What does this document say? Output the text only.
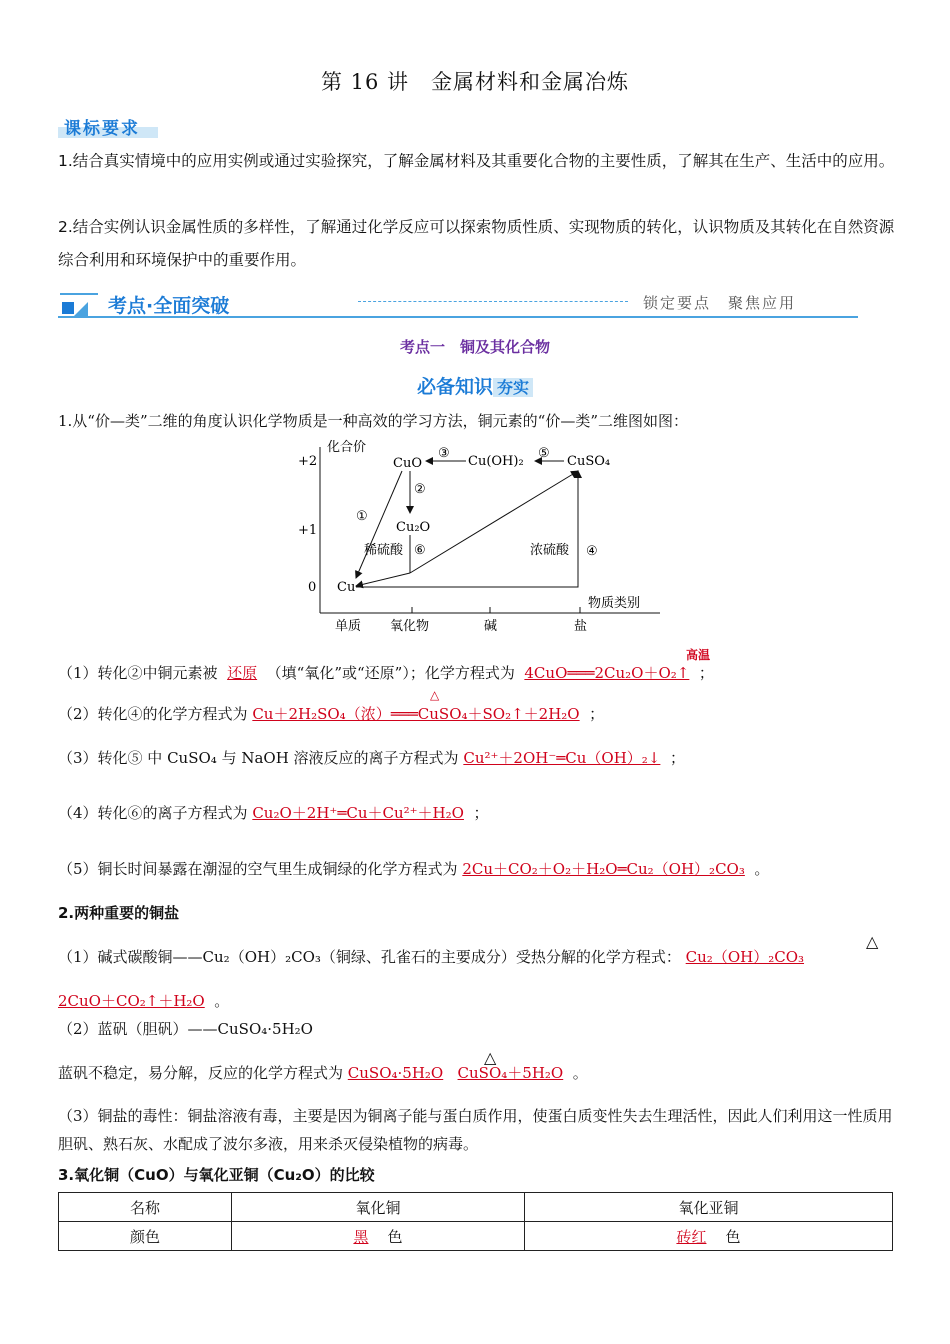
第 16 讲　金属材料和金属冶炼
课标要求
1.结合真实情境中的应用实例或通过实验探究，了解金属材料及其重要化合物的主要性质，了解其在生产、生活中的应用。
2.结合实例认识金属性质的多样性，了解通过化学反应可以探索物质性质、实现物质的转化，认识物质及其转化在自然资源综合利用和环境保护中的重要作用。
考点·全面突破	锁定要点　聚焦应用
考点一　铜及其化合物
必备知识 夯实
1.从“价—类”二维的角度认识化学物质是一种高效的学习方法，铜元素的“价—类”二维图如图：
化合价
物质类别
+2
+1
0
单质 氧化物	碱	盐
CuO	Cu(OH)₂	CuSO₄
Cu₂O
Cu
①
②
③
④
⑤
⑥
稀硫酸	浓硫酸
（1）转化②中铜元素被 还原 （填“氧化”或“还原”）；化学方程式为 4CuO═══2Cu₂O＋O₂↑ ；
高温
（2）转化④的化学方程式为 Cu＋2H₂SO₄（浓）═══CuSO₄＋SO₂↑＋2H₂O ；
△
（3）转化⑤ 中 CuSO₄ 与 NaOH 溶液反应的离子方程式为 Cu²⁺＋2OH⁻═Cu（OH）₂↓ ；
（4）转化⑥的离子方程式为 Cu₂O＋2H⁺═Cu＋Cu²⁺＋H₂O ；
（5）铜长时间暴露在潮湿的空气里生成铜绿的化学方程式为 2Cu＋CO₂＋O₂＋H₂O═Cu₂（OH）₂CO₃ 。
2.两种重要的铜盐
（1）碱式碳酸铜——Cu₂（OH）₂CO₃（铜绿、孔雀石的主要成分）受热分解的化学方程式： Cu₂（OH）₂CO₃
△
2CuO＋CO₂↑＋H₂O 。
（2）蓝矾（胆矾）——CuSO₄·5H₂O
蓝矾不稳定，易分解，反应的化学方程式为 CuSO₄·5H₂O CuSO₄＋5H₂O 。
△
（3）铜盐的毒性：铜盐溶液有毒，主要是因为铜离子能与蛋白质作用，使蛋白质变性失去生理活性，因此人们利用这一性质用胆矾、熟石灰、水配成了波尔多液，用来杀灭侵染植物的病毒。
3.氧化铜（CuO）与氧化亚铜（Cu₂O）的比较
名称	氧化铜	氧化亚铜
颜色	黑 色	砖红 色
